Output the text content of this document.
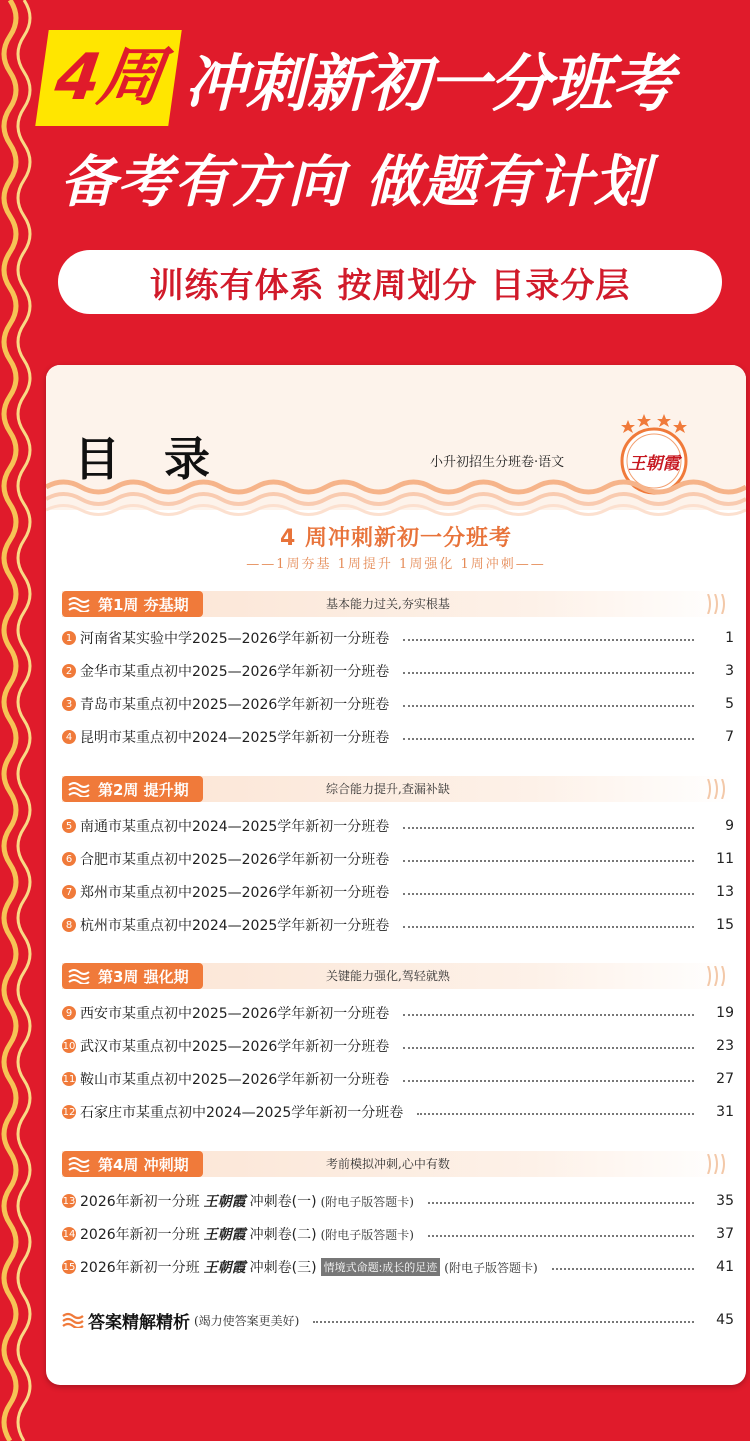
4周 冲刺新初一分班考
备考有方向 做题有计划
训练有体系 按周划分 目录分层
目 录	小升初招生分班卷·语文	王朝霞
4 周冲刺新初一分班考
——1周夯基 1周提升 1周强化 1周冲刺——
第1周 夯基期	基本能力过关,夯实根基
1 河南省 某实验中学2025—2026学年新初一分班卷	1
2 金华市 某重点初中2025—2026学年新初一分班卷	3
3 青岛市 某重点初中2025—2026学年新初一分班卷	5
4 昆明市 某重点初中2024—2025学年新初一分班卷	7
第2周 提升期	综合能力提升,查漏补缺
5 南通市 某重点初中2024—2025学年新初一分班卷	9
6 合肥市 某重点初中2025—2026学年新初一分班卷	11
7 郑州市 某重点初中2025—2026学年新初一分班卷	13
8 杭州市 某重点初中2024—2025学年新初一分班卷	15
第3周 强化期	关键能力强化,驾轻就熟
9 西安市 某重点初中2025—2026学年新初一分班卷	19
10 武汉市 某重点初中2025—2026学年新初一分班卷	23
11 鞍山市 某重点初中2025—2026学年新初一分班卷	27
12 石家庄市 某重点初中2024—2025学年新初一分班卷	31
第4周 冲刺期	考前模拟冲刺,心中有数
13 2026年新初一分班 王朝霞 冲刺卷(一) (附电子版答题卡)	35
14 2026年新初一分班 王朝霞 冲刺卷(二) (附电子版答题卡)	37
15 2026年新初一分班 王朝霞 冲刺卷(三) 情境式命题:成长的足迹 (附电子版答题卡)	41
答案精解精析 (竭力使答案更美好)	45
